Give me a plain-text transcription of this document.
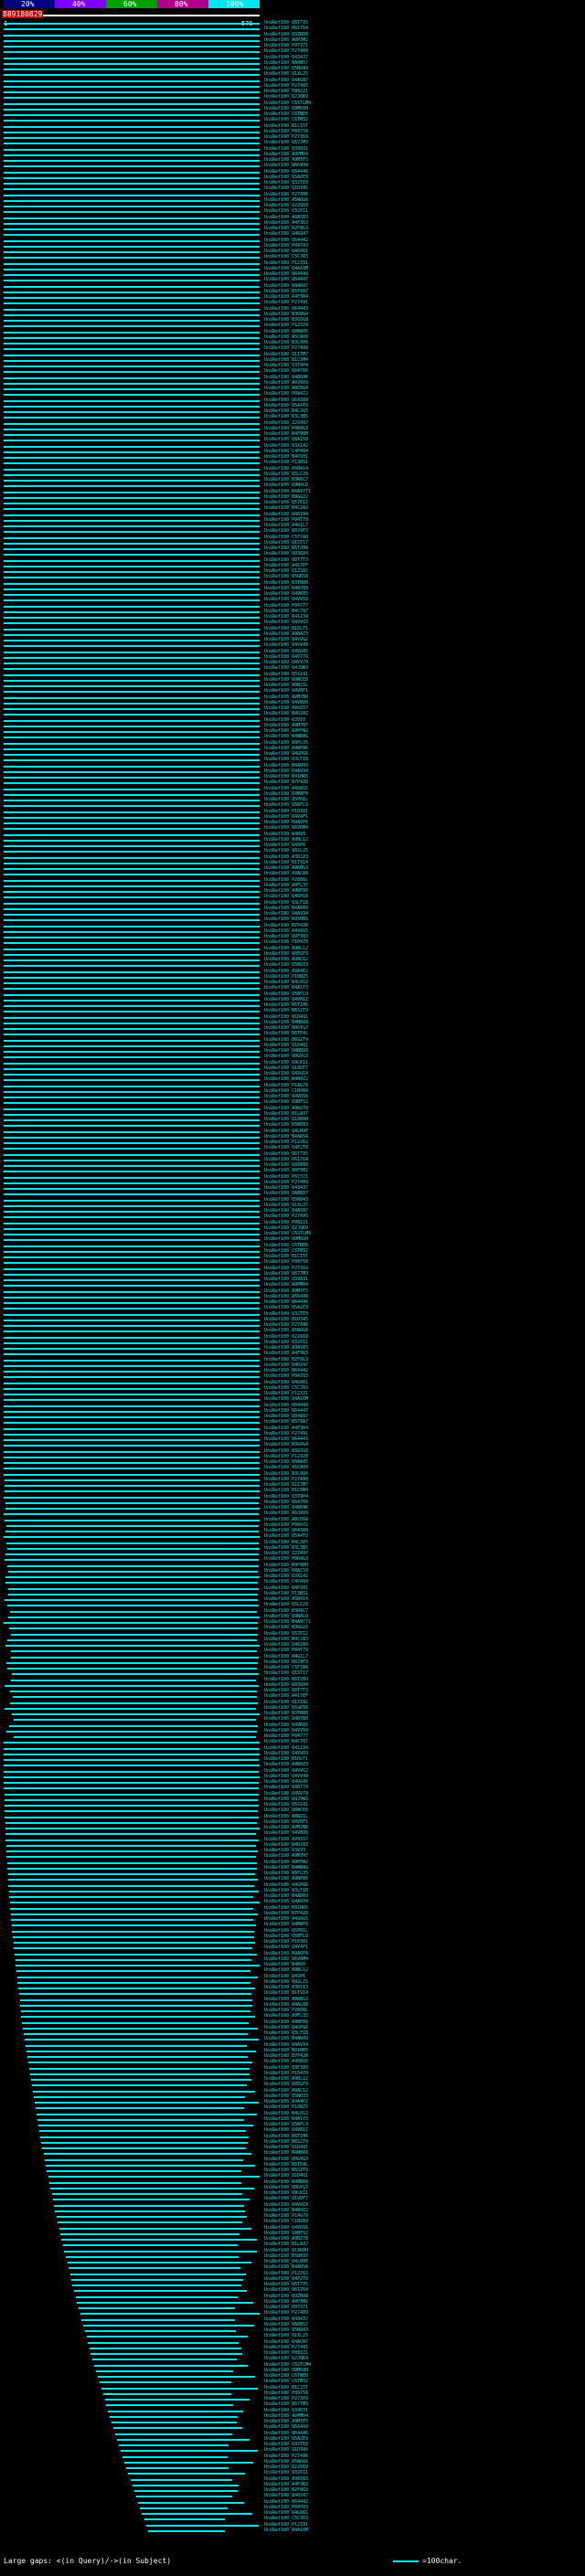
20%	40%	60%	80%	100%
889180829
UniRef100_Q6T7V5
UniRef100_O61764
UniRef100_Q9ZR08
UniRef100_A0P3M2
UniRef100_P07371
UniRef100_P27409
UniRef100_Q43437
UniRef100_0A0B57
UniRef100_Q5NQ43
UniRef100_Q1XL25
UniRef100_Q4ACN7
UniRef100_P27495
UniRef100_P08221
UniRef100_Q2JQK9
UniRef100_C6STLM4
UniRef100_Q9M6VH
UniRef100_C6TNE6
UniRef100_C6TM32
UniRef100_B1C15T
UniRef100_P09758
UniRef100_P27369
UniRef100_Q677M3
UniRef100_Q39831
UniRef100_A0PMD4
UniRef100_A9M3T5
UniRef100_Q66499
UniRef100_Q64446
UniRef100_Q5A2E9
UniRef100_Q32TE0
UniRef100_Q1D345
UniRef100_P27496
UniRef100_A5WGG6
UniRef100_Q22669
UniRef100_Q32P11
UniRef100_A9A5B3
UniRef100_A4F3R3
UniRef100_B2F8G3
UniRef100_Q40247
UniRef100_Q64442
UniRef100_P04783
UniRef100_Q4G961
UniRef100_C5C7R3
UniRef100_P12331
UniRef100_Q4A10M
UniRef100_Q64449
UniRef100_Q64447
UniRef100_Q04687
UniRef100_B5F8A7
UniRef100_A4F3R4
UniRef100_P27491
UniRef100_Q64443
UniRef100_B3G0G4
UniRef100_B3G5G8
UniRef100_P12329
UniRef100_Q0A605
UniRef100_A5CAU9
UniRef100_B3L9V6
UniRef100_P27498
UniRef100_Q1I7M7
UniRef100_B1C5M4
UniRef100_Q3T9P4
UniRef100_Q64766
UniRef100_Q4B69K
UniRef100_A0J9V9
UniRef100_A8CEG0
UniRef100_P08472
UniRef100_Q64388
UniRef100_Q5A4TO
UniRef100_B4L3V5
UniRef100_B3L3B5
UniRef100_Z2Z497
UniRef100_P0R9G3
UniRef100_B4F9BH
UniRef100_Q8A159
UniRef100_Q3X142
UniRef100_C4P4Q4
UniRef100_B4P1H1
UniRef100_P13BS1
UniRef100_A5B414
UniRef100_Q5LC29
UniRef100_B3R6C7
UniRef100_Q9N4LD
UniRef100_B4A0771
UniRef100_B9GG22
UniRef100_Q57E12
UniRef100_B4C2A3
UniRef100_Q461B4
UniRef100_P04T79
UniRef100_A4G1L7
UniRef100_Q0J9F3
UniRef100_C5F7A8
UniRef100_Q15T17
UniRef100_B6T2H9
UniRef100_Q03G04
UniRef100_Q0T7T3
UniRef100_A417EF
UniRef100_Q1Z1B2
UniRef100_Q5GK58
UniRef100_B3TB0B
UniRef100_Q4B7B8
UniRef100_Q4VK85
UniRef100_Q4VV59
UniRef100_P04777
UniRef100_B4C7Q7
UniRef100_Q41234
UniRef100_Q4VV03
UniRef100_B1DLF1
UniRef100_A9B4Z3
UniRef100_Q4VVG2
UniRef100_Q4VV49
UniRef100_Q4VG45
UniRef100_Q4077O
UniRef100_Q4VV79
UniRef100_Q4J9W3
UniRef100_Q5S141
UniRef100_Q0WCE6
UniRef100_A0NZ1L
UniRef100_Q4V0F1
UniRef100_AVM7BR
UniRef100_Q4VBV8
UniRef100_A9SS57
UniRef100_B4D28Z
UniRef100_Q3VV3
UniRef100_A9M7H7
UniRef100_A9PFW2
UniRef100_B4WB8G
UniRef100_A9FL35
UniRef100_A9NFB6
UniRef100_Q4GPG6
UniRef100_Q3LF1B
UniRef100_B4AD09
UniRef100_Q4A934
UniRef100_B91HR5
UniRef100_B7P42R
UniRef100_A4S6G5
UniRef100_Q4MAF0
UniRef100_Q5P01L
UniRef100_Q5BFL9
UniRef100_P10301
UniRef100_Q4V4F1
UniRef100_B9A6F6
UniRef100_Q6V6M4
UniRef100_B4BV0
UniRef100_A9BL12
UniRef100_Q4SP6
UniRef100_Q02L25
UniRef100_A3R1X3
UniRef100_B1T914
UniRef100_A9KBG3
UniRef100_A9AL88
UniRef100_P2066L
UniRef100_A9FL35
UniRef100_A9NFB6
UniRef100_Q4GPG6
UniRef100_Q3LF1B
UniRef100_B4AD09
UniRef100_Q4A934
UniRef100_B91HR5
UniRef100_B7P42R
UniRef100_A4S6G5
UniRef100_Q9F383
UniRef100_P10470
UniRef100_A9BL12
UniRef100_Q0EGF9
UniRef100_A9AC12
UniRef100_Q5NQ33
UniRef100_A9A4E2
UniRef100_P10BZ5
UniRef100_B4L012
UniRef100_B4A1Y3
UniRef100_Q5BFL9
UniRef100_Q4VB1Z
UniRef100_B6T1H6
UniRef100_B6S2T9
UniRef100_Q1D4Q1
UniRef100_B4NBX8
UniRef100_Q0GYG3
UniRef100_B6TE4L
UniRef100_B6S2T9
UniRef100_Q1D4Q1
UniRef100_B4NBX8
UniRef100_Q0GYG3
UniRef100_Q9LK11
UniRef100_Q19UF7
UniRef100_Q4VQ1X
UniRef100_B4B0Z2
UniRef100_P1AG70
UniRef100_C1NSB9
UniRef100_Q4VD56
UniRef100_Q9BFS2
UniRef100_A9B278
UniRef100_B1LA37
UniRef100_Q1XK0H
UniRef100_B5BQ93
UniRef100_Q4LH9E
UniRef100_B4AD5A
UniRef100_P12262
UniRef100_Q4P2T0
UniRef100_Q6T7V5
UniRef100_O61764
UniRef100_Q9ZR08
UniRef100_A0P3M2
UniRef100_P07371
UniRef100_P27409
UniRef100_Q43437
UniRef100_0A0B57
UniRef100_Q5NQ43
UniRef100_Q1XL25
UniRef100_Q4ACN7
UniRef100_P27495
UniRef100_P08221
UniRef100_Q2JQK9
UniRef100_C6STLM4
UniRef100_Q9M6VH
UniRef100_C6TNE6
UniRef100_C6TM32
UniRef100_B1C15T
UniRef100_P09758
UniRef100_P27369
UniRef100_Q677M3
UniRef100_Q39831
UniRef100_A0PMD4
UniRef100_A9M3T5
UniRef100_Q66499
UniRef100_Q64446
UniRef100_Q5A2E9
UniRef100_Q32TE0
UniRef100_Q1D345
UniRef100_P27496
UniRef100_A5WGG6
UniRef100_Q22669
UniRef100_Q32P11
UniRef100_A9A5B3
UniRef100_A4F3R3
UniRef100_B2F8G3
UniRef100_Q40247
UniRef100_Q64442
UniRef100_P04783
UniRef100_Q4G961
UniRef100_C5C7R3
UniRef100_P12331
UniRef100_Q4A10M
UniRef100_Q64449
UniRef100_Q64447
UniRef100_Q04687
UniRef100_B5F8A7
UniRef100_A4F3R4
UniRef100_P27491
UniRef100_Q64443
UniRef100_B3G0G4
UniRef100_B3G5G8
UniRef100_P12329
UniRef100_Q0A605
UniRef100_A5CAU9
UniRef100_B3L9V6
UniRef100_P27498
UniRef100_Q1I7M7
UniRef100_B1C5M4
UniRef100_Q3T9P4
UniRef100_Q64766
UniRef100_Q4B69K
UniRef100_A0J9V9
UniRef100_A8CEG0
UniRef100_P08472
UniRef100_Q64388
UniRef100_Q5A4TO
UniRef100_B4L3V5
UniRef100_B3L3B5
UniRef100_Z2Z497
UniRef100_P0R9G3
UniRef100_B4F9BH
UniRef100_Q8A159
UniRef100_Q3X142
UniRef100_C4P4Q4
UniRef100_B4P1H1
UniRef100_P13BS1
UniRef100_A5B414
UniRef100_Q5LC29
UniRef100_B3R6C7
UniRef100_Q9N4LD
UniRef100_B4A0771
UniRef100_B9GG22
UniRef100_Q57E12
UniRef100_B4C2A3
UniRef100_Q461B4
UniRef100_P04T79
UniRef100_A4G1L7
UniRef100_Q0J9F3
UniRef100_C5F7A8
UniRef100_Q15T17
UniRef100_B6T2H9
UniRef100_Q03G04
UniRef100_Q0T7T3
UniRef100_A417EF
UniRef100_Q1Z1B2
UniRef100_Q5GK58
UniRef100_B3TB0B
UniRef100_Q4B7B8
UniRef100_Q4VK85
UniRef100_Q4VV59
UniRef100_P04777
UniRef100_B4C7Q7
UniRef100_Q41234
UniRef100_Q4VV03
UniRef100_B1DLF1
UniRef100_A9B4Z3
UniRef100_Q4VVG2
UniRef100_Q4VV49
UniRef100_Q4VG45
UniRef100_Q4077O
UniRef100_Q4VV79
UniRef100_Q4J9W3
UniRef100_Q5S141
UniRef100_Q0WCE6
UniRef100_A0NZ1L
UniRef100_Q4V0F1
UniRef100_AVM7BR
UniRef100_Q4VBV8
UniRef100_A9SS57
UniRef100_B4D28Z
UniRef100_Q3VV3
UniRef100_A9M7H7
UniRef100_A9PFW2
UniRef100_B4WB8G
UniRef100_A9FL35
UniRef100_A9NFB6
UniRef100_Q4GPG6
UniRef100_Q3LF1B
UniRef100_B4AD09
UniRef100_Q4A934
UniRef100_B91HR5
UniRef100_B7P42R
UniRef100_A4S6G5
UniRef100_Q4MAF0
UniRef100_Q5P01L
UniRef100_Q5BFL9
UniRef100_P10301
UniRef100_Q4V4F1
UniRef100_B9A6F6
UniRef100_Q6V6M4
UniRef100_B4BV0
UniRef100_A9BL12
UniRef100_Q4SP6
UniRef100_Q02L25
UniRef100_A3R1X3
UniRef100_B1T914
UniRef100_A9KBG3
UniRef100_A9AL88
UniRef100_P2066L
UniRef100_A9FL35
UniRef100_A9NFB6
UniRef100_Q4GPG6
UniRef100_Q3LF1B
UniRef100_B4AD09
UniRef100_Q4A934
UniRef100_B91HR5
UniRef100_B7P42R
UniRef100_A4S6G5
UniRef100_Q9F383
UniRef100_P10470
UniRef100_A9BL12
UniRef100_Q0EGF9
UniRef100_A9AC12
UniRef100_Q5NQ33
UniRef100_A9A4E2
UniRef100_P10BZ5
UniRef100_B4L012
UniRef100_B4A1Y3
UniRef100_Q5BFL9
UniRef100_Q4VB1Z
UniRef100_B6T1H6
UniRef100_B6S2T9
UniRef100_Q1D4Q1
UniRef100_B4NBX8
UniRef100_Q0GYG3
UniRef100_B6TE4L
UniRef100_B6S2T9
UniRef100_Q1D4Q1
UniRef100_B4NBX8
UniRef100_Q0GYG3
UniRef100_Q9LK11
UniRef100_Q19UF7
UniRef100_Q4VQ1X
UniRef100_B4B0Z2
UniRef100_P1AG70
UniRef100_C1NSB9
UniRef100_Q4VD56
UniRef100_Q9BFS2
UniRef100_A9B278
UniRef100_B1LA37
UniRef100_Q1XK0H
UniRef100_B5BQ93
UniRef100_Q4LH9E
UniRef100_B4AD5A
UniRef100_P12262
UniRef100_Q4P2T0
UniRef100_Q6T7V5
UniRef100_O61764
UniRef100_Q9ZR08
UniRef100_A0P3M2
UniRef100_P07371
UniRef100_P27409
UniRef100_Q43437
UniRef100_0A0B57
UniRef100_Q5NQ43
UniRef100_Q1XL25
UniRef100_Q4ACN7
UniRef100_P27495
UniRef100_P08221
UniRef100_Q2JQK9
UniRef100_C6STLM4
UniRef100_Q9M6VH
UniRef100_C6TNE6
UniRef100_C6TM32
UniRef100_B1C15T
UniRef100_P09758
UniRef100_P27369
UniRef100_Q677M3
UniRef100_Q39831
UniRef100_A0PMD4
UniRef100_A9M3T5
UniRef100_Q66499
UniRef100_Q64446
UniRef100_Q5A2E9
UniRef100_Q32TE0
UniRef100_Q1D345
UniRef100_P27496
UniRef100_A5WGG6
UniRef100_Q22669
UniRef100_Q32P11
UniRef100_A9A5B3
UniRef100_A4F3R3
UniRef100_B2F8G3
UniRef100_Q40247
UniRef100_Q64442
UniRef100_P04783
UniRef100_Q4G961
UniRef100_C5C7R3
UniRef100_P12331
UniRef100_Q4A10M
Large gaps: <(in Query)/->(in Subject)	=100char.
